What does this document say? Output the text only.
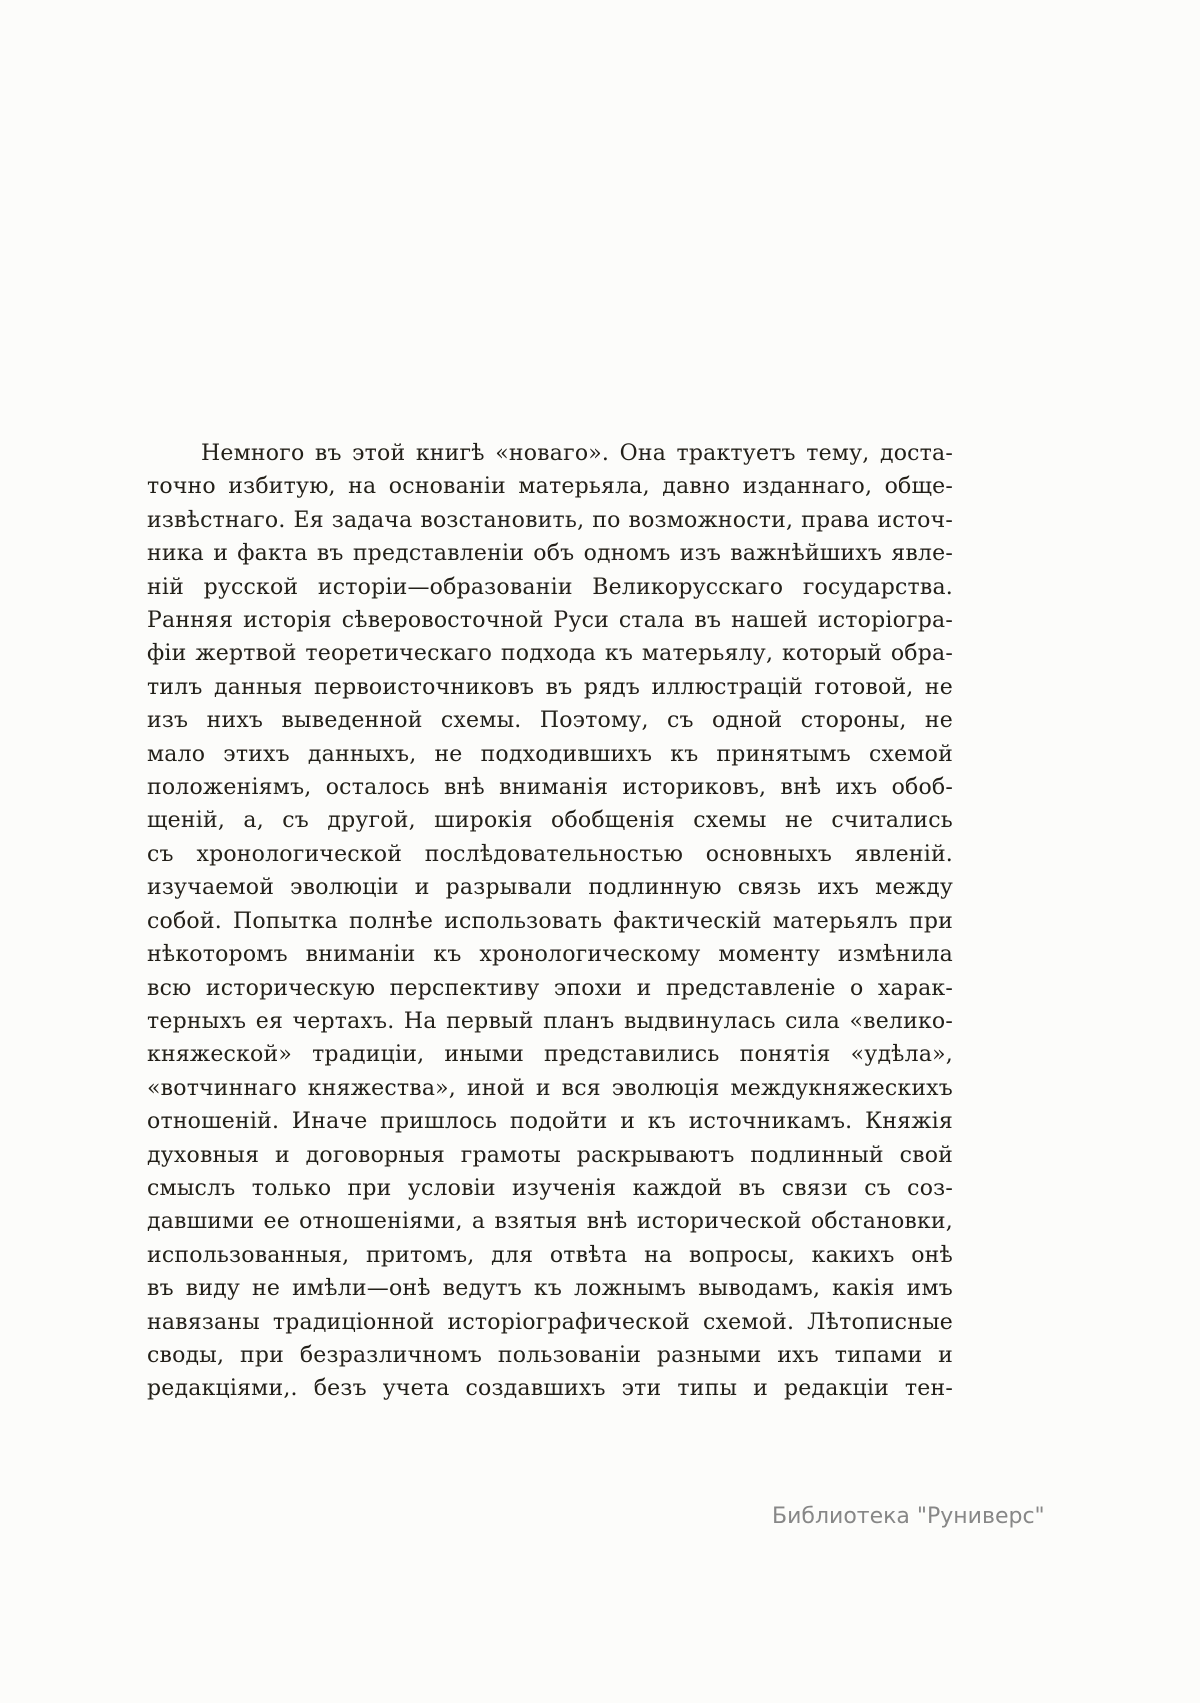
Немного въ этой книгѣ «новаго». Она трактуетъ тему, доста-
точно избитую, на основаніи матерьяла, давно изданнаго, обще-
извѣстнаго. Ея задача возстановить, по возможности, права источ-
ника и факта въ представленіи объ одномъ изъ важнѣйшихъ явле-
ній русской исторіи—образованіи Великорусскаго государства.
Ранняя исторія сѣверовосточной Руси стала въ нашей исторіогра-
фіи жертвой теоретическаго подхода къ матерьялу, который обра-
тилъ данныя первоисточниковъ въ рядъ иллюстрацій готовой, не
изъ нихъ выведенной схемы. Поэтому, съ одной стороны, не
мало этихъ данныхъ, не подходившихъ къ принятымъ схемой
положеніямъ, осталось внѣ вниманія историковъ, внѣ ихъ обоб-
щеній, а, съ другой, широкія обобщенія схемы не считались
съ хронологической послѣдовательностью основныхъ явленій.
изучаемой эволюціи и разрывали подлинную связь ихъ между
собой. Попытка полнѣе использовать фактическій матерьялъ при
нѣкоторомъ вниманіи къ хронологическому моменту измѣнила
всю историческую перспективу эпохи и представленіе о харак-
терныхъ ея чертахъ. На первый планъ выдвинулась сила «велико-
княжеской» традиціи, иными представились понятія «удѣла»,
«вотчиннаго княжества», иной и вся эволюція междукняжескихъ
отношеній. Иначе пришлось подойти и къ источникамъ. Княжія
духовныя и договорныя грамоты раскрываютъ подлинный свой
смыслъ только при условіи изученія каждой въ связи съ соз-
давшими ее отношеніями, а взятыя внѣ исторической обстановки,
использованныя, притомъ, для отвѣта на вопросы, какихъ онѣ
въ виду не имѣли—онѣ ведутъ къ ложнымъ выводамъ, какія имъ
навязаны традиціонной исторіографической схемой. Лѣтописные
своды, при безразличномъ пользованіи разными ихъ типами и
редакціями,. безъ учета создавшихъ эти типы и редакціи тен-
Библиотека "Руниверс"
